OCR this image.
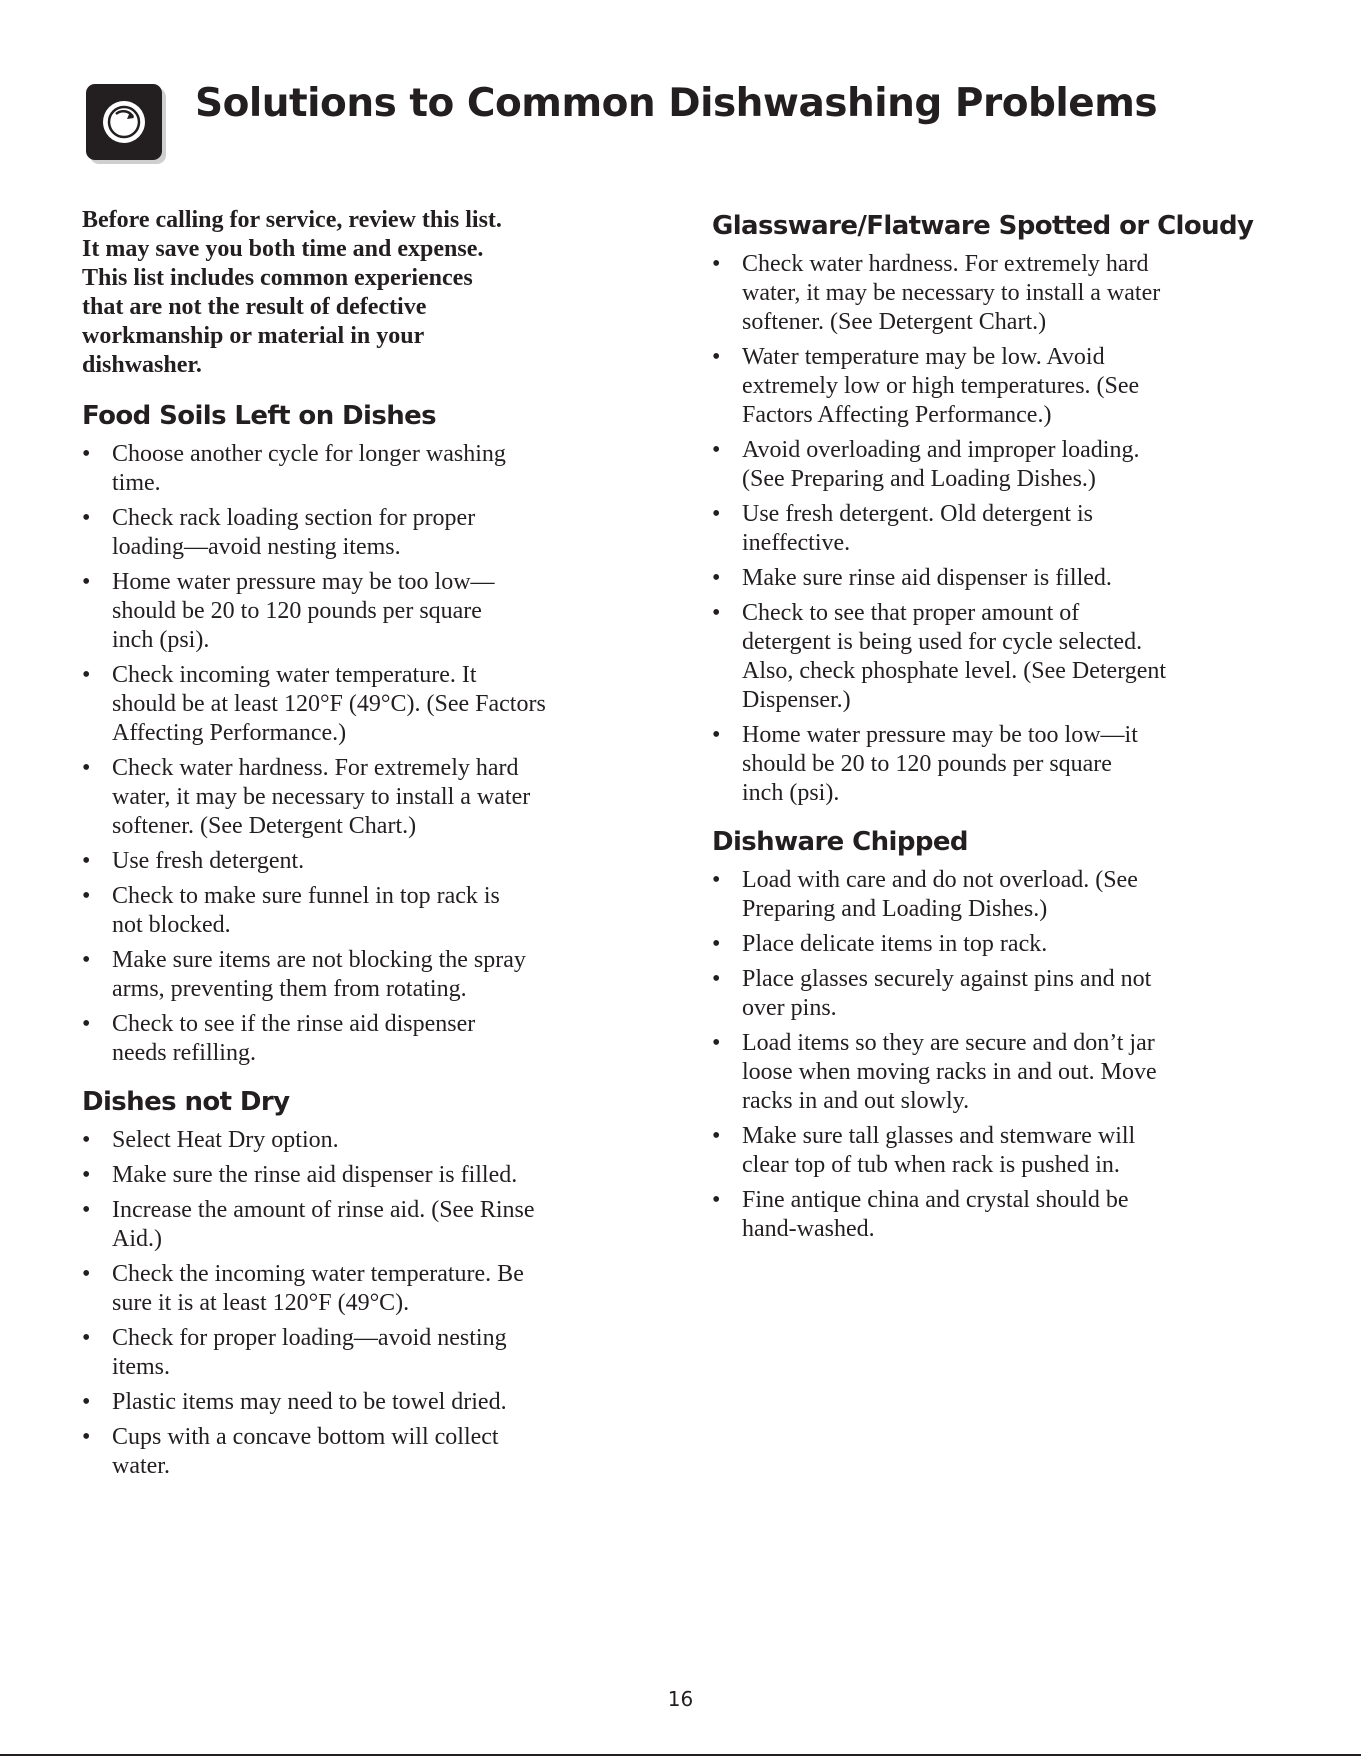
Solutions to Common Dishwashing Problems
Before calling for service, review this list.
It may save you both time and expense.
This list includes common experiences
that are not the result of defective
workmanship or material in your
dishwasher.
Food Soils Left on Dishes
• Choose another cycle for longer washing
time.
• Check rack loading section for proper
loading—avoid nesting items.
• Home water pressure may be too low—
should be 20 to 120 pounds per square
inch (psi).
• Check incoming water temperature. It
should be at least 120°F (49°C). (See Factors
Affecting Performance.)
• Check water hardness. For extremely hard
water, it may be necessary to install a water
softener. (See Detergent Chart.)
• Use fresh detergent.
• Check to make sure funnel in top rack is
not blocked.
• Make sure items are not blocking the spray
arms, preventing them from rotating.
• Check to see if the rinse aid dispenser
needs refilling.
Dishes not Dry
• Select Heat Dry option.
• Make sure the rinse aid dispenser is filled.
• Increase the amount of rinse aid. (See Rinse
Aid.)
• Check the incoming water temperature. Be
sure it is at least 120°F (49°C).
• Check for proper loading—avoid nesting
items.
• Plastic items may need to be towel dried.
• Cups with a concave bottom will collect
water.
Glassware/Flatware Spotted or Cloudy
• Check water hardness. For extremely hard
water, it may be necessary to install a water
softener. (See Detergent Chart.)
• Water temperature may be low. Avoid
extremely low or high temperatures. (See
Factors Affecting Performance.)
• Avoid overloading and improper loading.
(See Preparing and Loading Dishes.)
• Use fresh detergent. Old detergent is
ineffective.
• Make sure rinse aid dispenser is filled.
• Check to see that proper amount of
detergent is being used for cycle selected.
Also, check phosphate level. (See Detergent
Dispenser.)
• Home water pressure may be too low—it
should be 20 to 120 pounds per square
inch (psi).
Dishware Chipped
• Load with care and do not overload. (See
Preparing and Loading Dishes.)
• Place delicate items in top rack.
• Place glasses securely against pins and not
over pins.
• Load items so they are secure and don’t jar
loose when moving racks in and out. Move
racks in and out slowly.
• Make sure tall glasses and stemware will
clear top of tub when rack is pushed in.
• Fine antique china and crystal should be
hand-washed.
16
